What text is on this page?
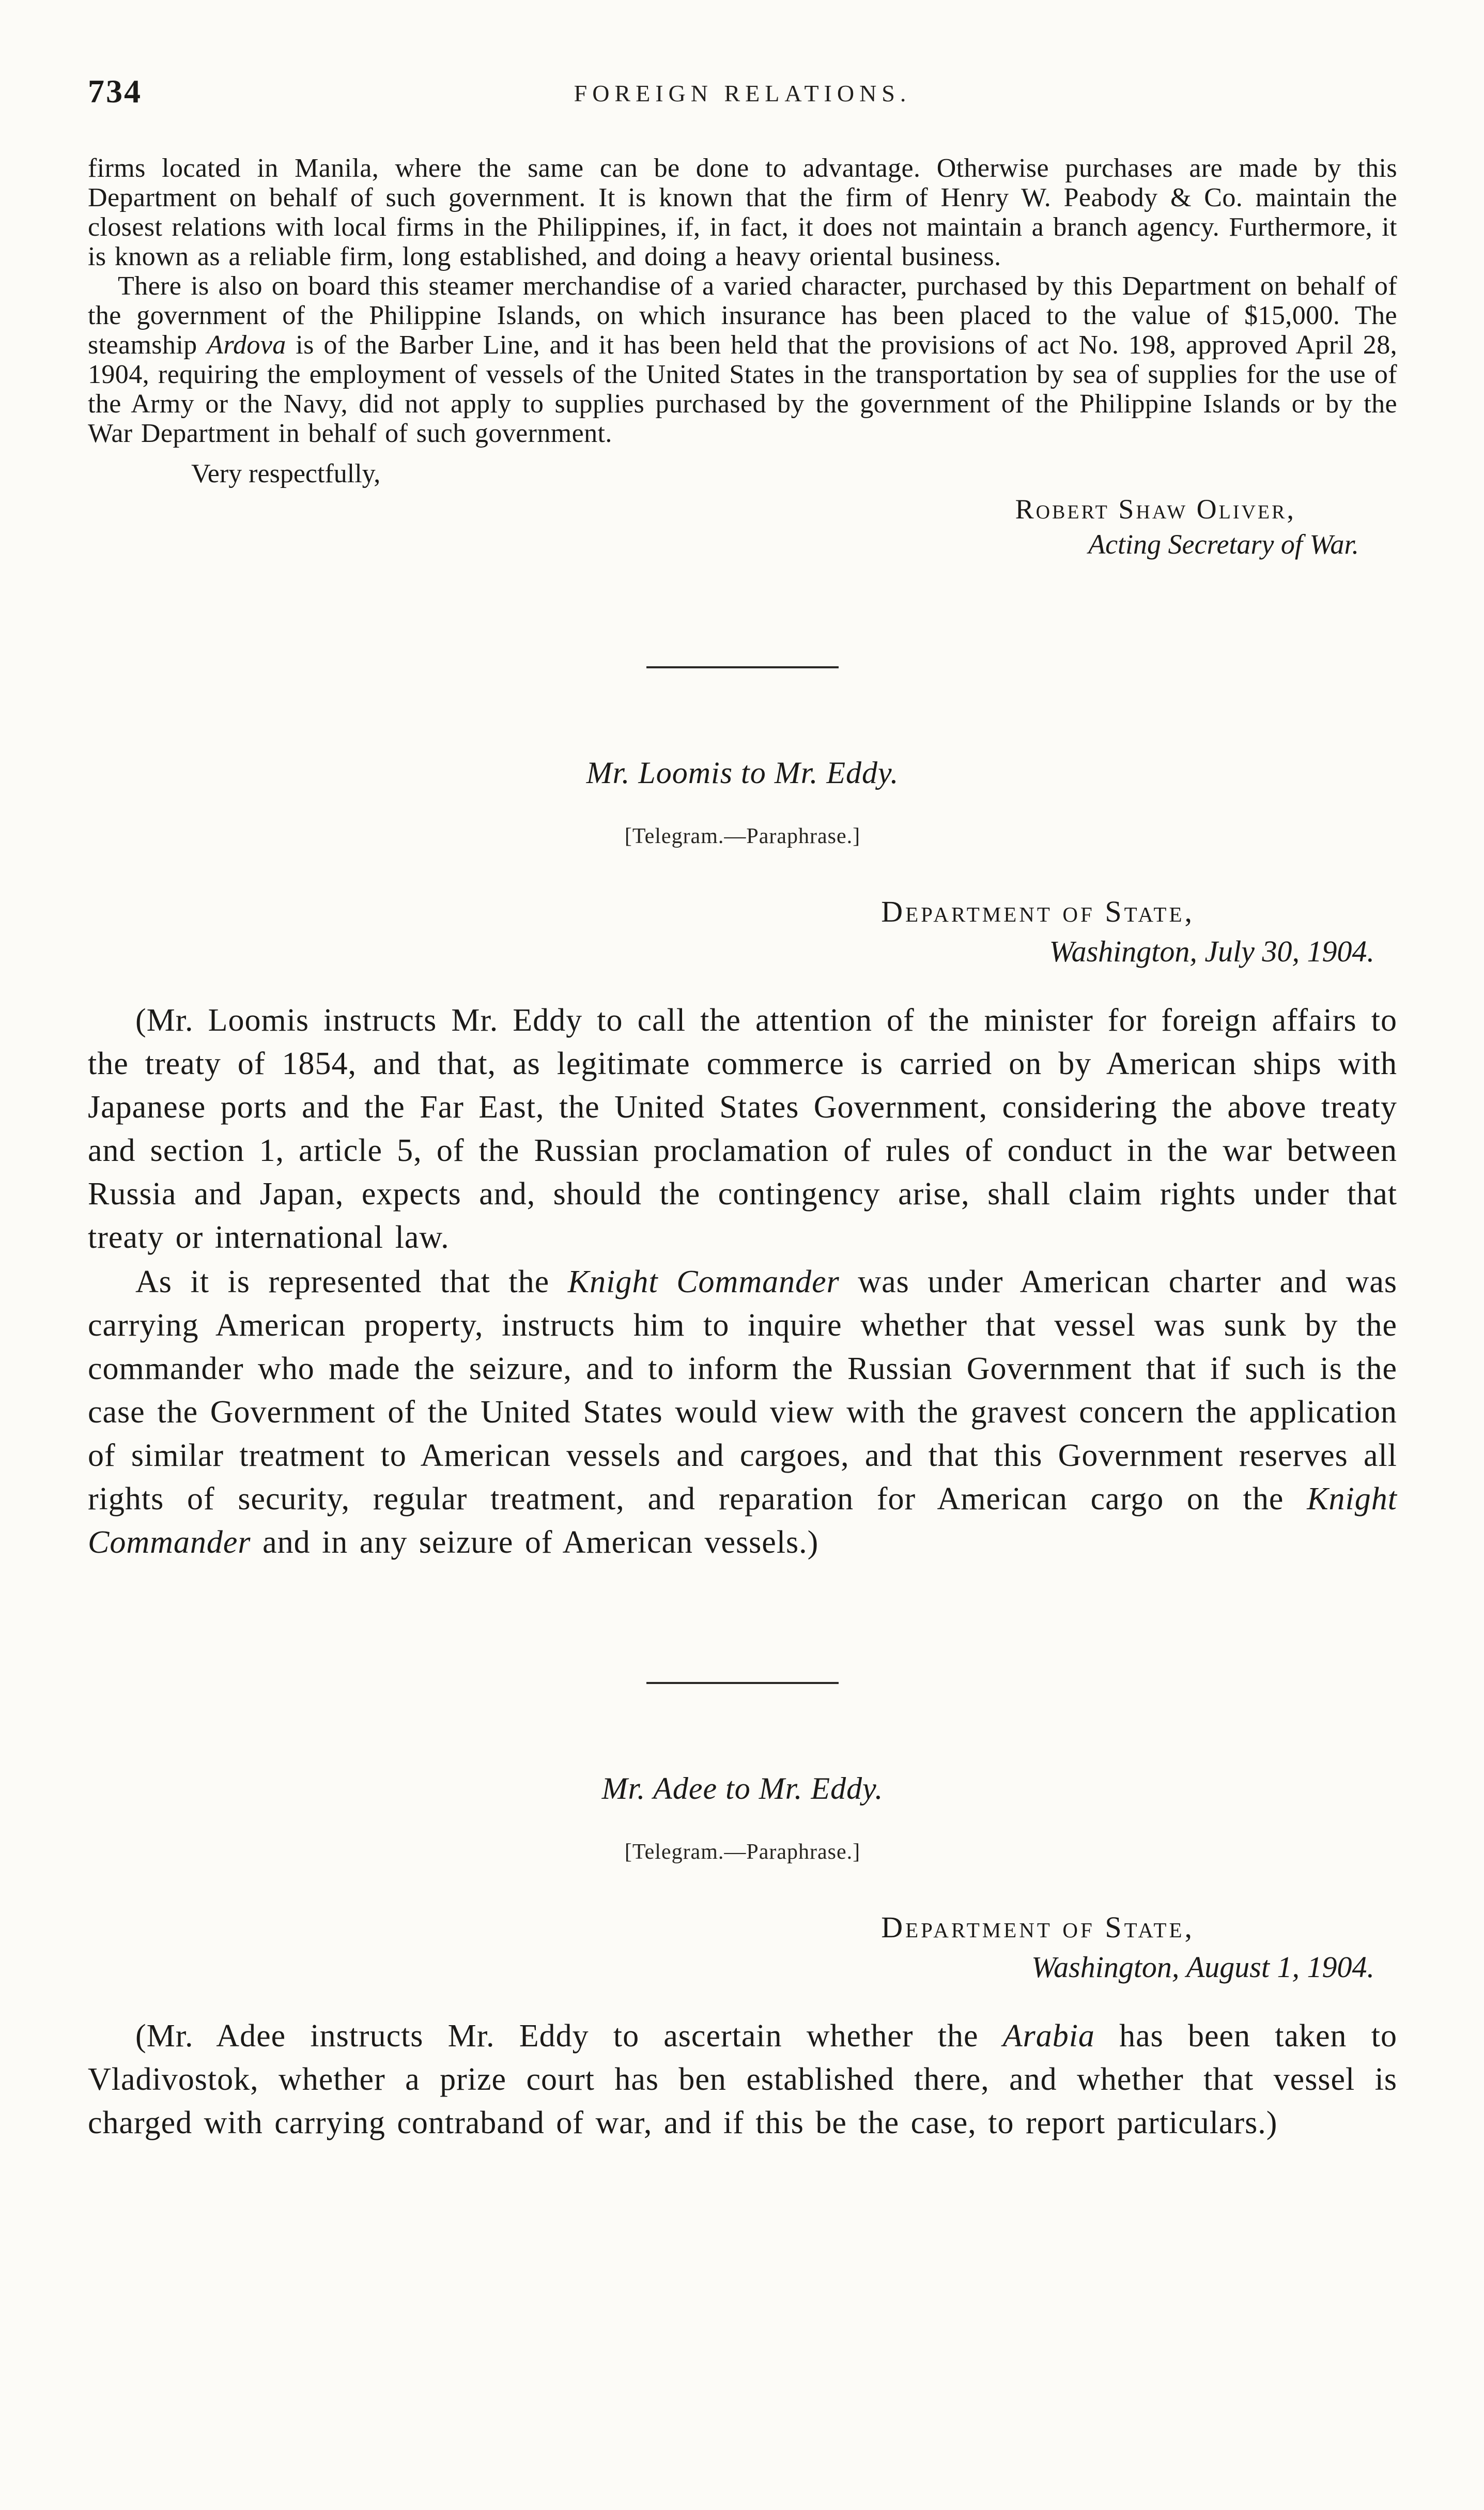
734	FOREIGN RELATIONS.

firms located in Manila, where the same can be done to advantage. Otherwise purchases are made by this Department on behalf of such government. It is known that the firm of Henry W. Peabody & Co. maintain the closest relations with local firms in the Philippines, if, in fact, it does not maintain a branch agency. Furthermore, it is known as a reliable firm, long established, and doing a heavy oriental business.

There is also on board this steamer merchandise of a varied character, purchased by this Department on behalf of the government of the Philippine Islands, on which insurance has been placed to the value of $15,000. The steamship Ardova is of the Barber Line, and it has been held that the provisions of act No. 198, approved April 28, 1904, requiring the employment of vessels of the United States in the transportation by sea of supplies for the use of the Army or the Navy, did not apply to supplies purchased by the government of the Philippine Islands or by the War Department in behalf of such government.

Very respectfully,

Robert Shaw Oliver,
Acting Secretary of War.
Mr. Loomis to Mr. Eddy.
[Telegram.—Paraphrase.]
Department of State,
Washington, July 30, 1904.

(Mr. Loomis instructs Mr. Eddy to call the attention of the minister for foreign affairs to the treaty of 1854, and that, as legitimate commerce is carried on by American ships with Japanese ports and the Far East, the United States Government, considering the above treaty and section 1, article 5, of the Russian proclamation of rules of conduct in the war between Russia and Japan, expects and, should the contingency arise, shall claim rights under that treaty or international law.

As it is represented that the Knight Commander was under American charter and was carrying American property, instructs him to inquire whether that vessel was sunk by the commander who made the seizure, and to inform the Russian Government that if such is the case the Government of the United States would view with the gravest concern the application of similar treatment to American vessels and cargoes, and that this Government reserves all rights of security, regular treatment, and reparation for American cargo on the Knight Commander and in any seizure of American vessels.)

Mr. Adee to Mr. Eddy.
[Telegram.—Paraphrase.]
Department of State,
Washington, August 1, 1904.

(Mr. Adee instructs Mr. Eddy to ascertain whether the Arabia has been taken to Vladivostok, whether a prize court has ben established there, and whether that vessel is charged with carrying contraband of war, and if this be the case, to report particulars.)
